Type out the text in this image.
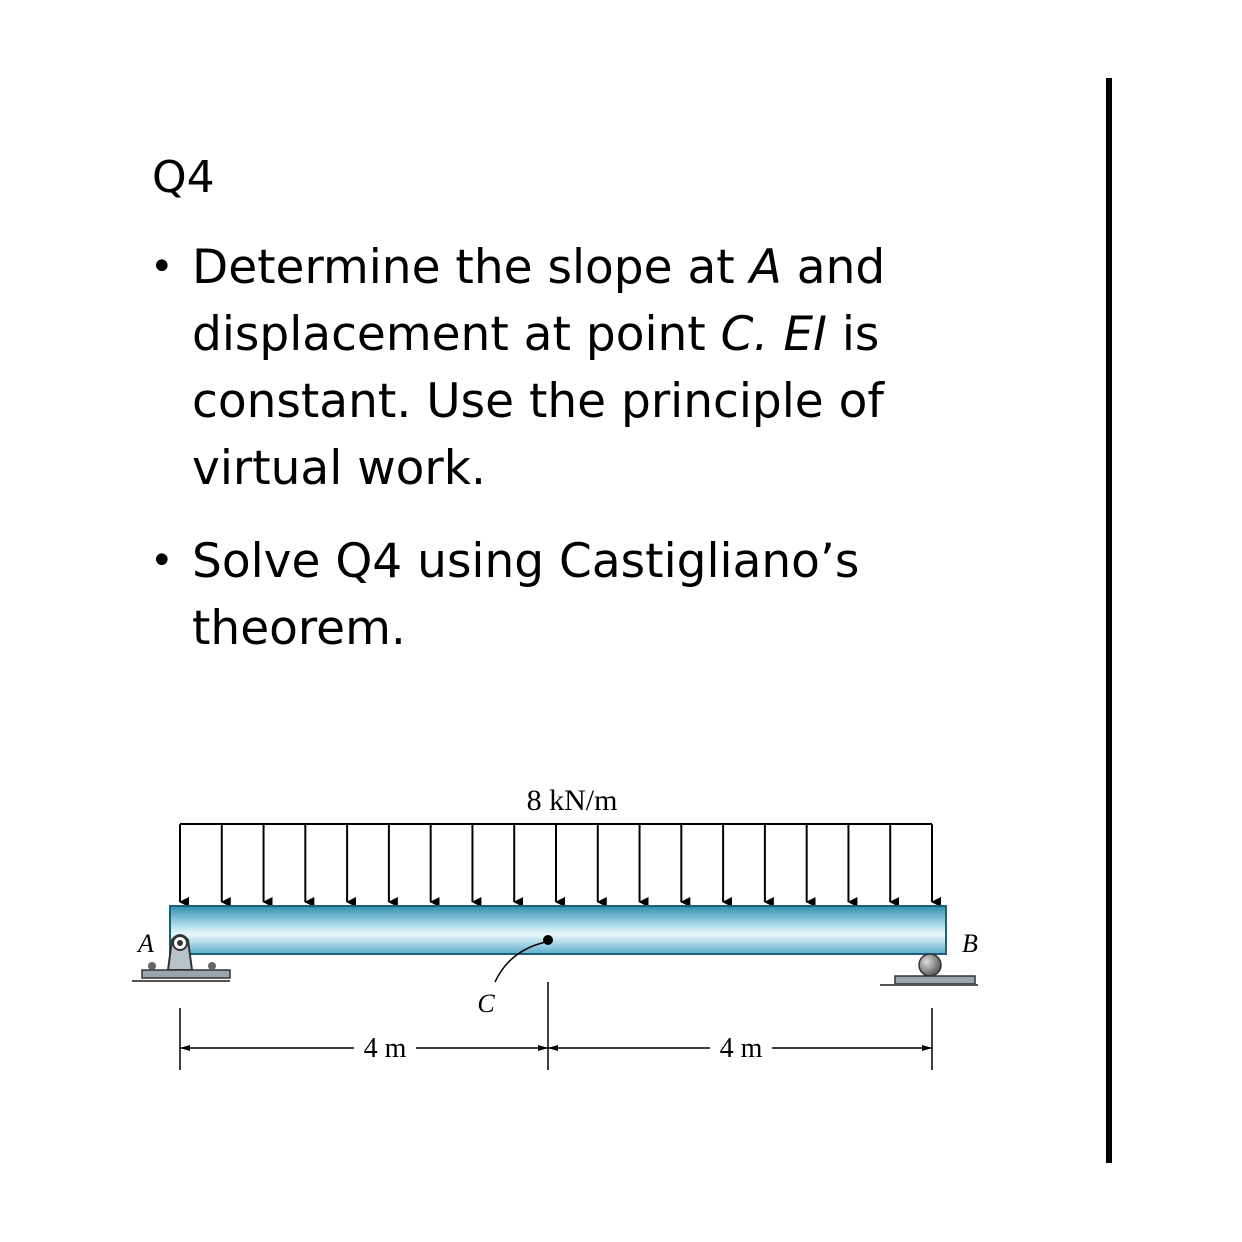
Q4
• Determine the slope at A and displacement at point C. EI is constant. Use the principle of virtual work.
• Solve Q4 using Castigliano’s theorem.
8 kN/m
A	B
C
4 m	4 m
